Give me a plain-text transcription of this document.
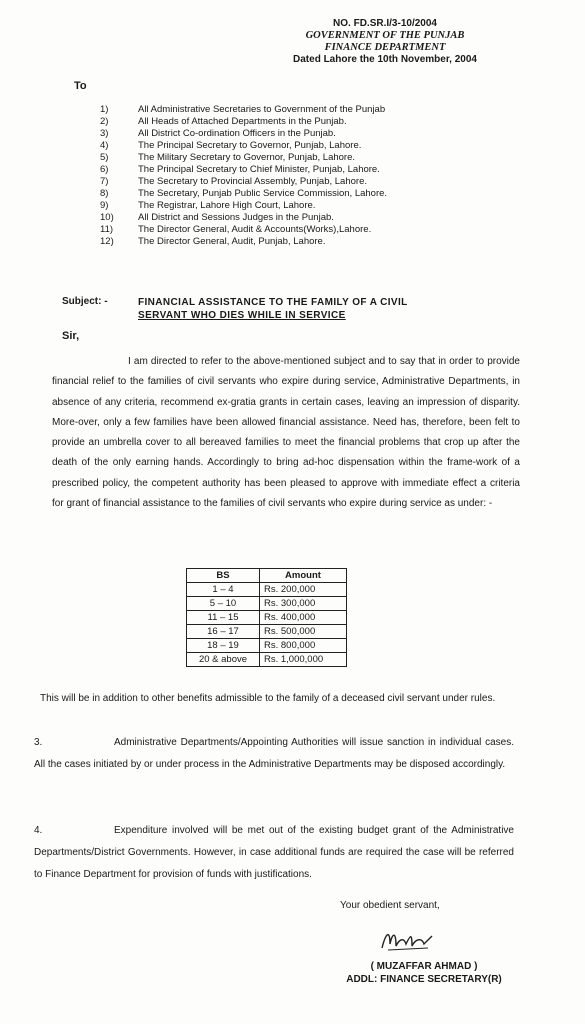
NO. FD.SR.I/3-10/2004
GOVERNMENT OF THE PUNJAB
FINANCE DEPARTMENT
Dated Lahore the 10th November, 2004
To
1)	All Administrative Secretaries to Government of the Punjab
2)	All Heads of Attached Departments in the Punjab.
3)	All District Co-ordination Officers in the Punjab.
4)	The Principal Secretary to Governor, Punjab, Lahore.
5)	The Military Secretary to Governor, Punjab, Lahore.
6)	The Principal Secretary to Chief Minister, Punjab, Lahore.
7)	The Secretary to Provincial Assembly, Punjab, Lahore.
8)	The Secretary, Punjab Public Service Commission, Lahore.
9)	The Registrar, Lahore High Court, Lahore.
10)	All District and Sessions Judges in the Punjab.
11)	The Director General, Audit & Accounts(Works),Lahore.
12)	The Director General, Audit, Punjab, Lahore.
Subject: -	FINANCIAL ASSISTANCE TO THE FAMILY OF A CIVIL
SERVANT WHO DIES WHILE IN SERVICE
Sir,
I am directed to refer to the above-mentioned subject and to say that in order to provide financial relief to the families of civil servants who expire during service, Administrative Departments, in absence of any criteria, recommend ex-gratia grants in certain cases, leaving an impression of disparity. More-over, only a few families have been allowed financial assistance. Need has, therefore, been felt to provide an umbrella cover to all bereaved families to meet the financial problems that crop up after the death of the only earning hands. Accordingly to bring ad-hoc dispensation within the frame-work of a prescribed policy, the competent authority has been pleased to approve with immediate effect a criteria for grant of financial assistance to the families of civil servants who expire during service as under: -
BS	Amount
1 – 4	Rs. 200,000
5 – 10	Rs. 300,000
11 – 15	Rs. 400,000
16 – 17	Rs. 500,000
18 – 19	Rs. 800,000
20 & above	Rs. 1,000,000
This will be in addition to other benefits admissible to the family of a deceased civil servant under rules.
3.	Administrative Departments/Appointing Authorities will issue sanction in individual cases. All the cases initiated by or under process in the Administrative Departments may be disposed accordingly.
4.	Expenditure involved will be met out of the existing budget grant of the Administrative Departments/District Governments. However, in case additional funds are required the case will be referred to Finance Department for provision of funds with justifications.
Your obedient servant,
( MUZAFFAR AHMAD )
ADDL: FINANCE SECRETARY(R)
